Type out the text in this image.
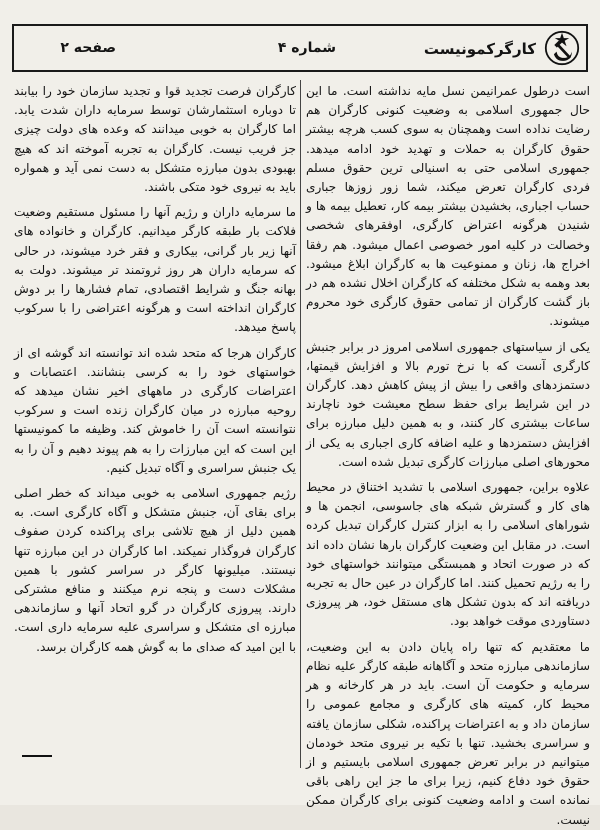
کارگرکمونیست
شماره ۴
صفحه ۲

است درطول عمرانیمن نسل مایه نداشته است. ما این حال جمهوری اسلامی به وضعیت کنونی کارگران هم رضایت نداده است وهمچنان به سوی کسب هرچه بیشتر حقوق کارگران به حملات و تهدید خود ادامه میدهد. جمهوری اسلامی حتی به اسنیالی ترین حقوق مسلم فردی کارگران تعرض میکند، شما زور زوزها جباری حساب اجباری، بخشیدن بیشتر بیمه کار، تعطیل بیمه ها و شنیدن هرگونه اعتراض کارگری، اوفقرهای شخصی وخصالت در کلیه امور خصوصی اعمال میشود. هم رفقا اخراج ها، زنان و ممنوعیت ها به کارگران ابلاغ میشود. بعد وهمه به شکل مختلفه که کارگران اخلال نشده هم در باز گشت کارگران از تمامی حقوق کارگری خود محروم میشوند.

یکی از سیاستهای جمهوری اسلامی امروز در برابر جنبش کارگری آنست که با نرخ تورم بالا و افزایش قیمتها، دستمزدهای واقعی را بیش از پیش کاهش دهد. کارگران در این شرایط برای حفظ سطح معیشت خود ناچارند ساعات بیشتری کار کنند، و به همین دلیل مبارزه برای افزایش دستمزدها و علیه اضافه کاری اجباری به یکی از محورهای اصلی مبارزات کارگری تبدیل شده است.

علاوه براین، جمهوری اسلامی با تشدید اختناق در محیط های کار و گسترش شبکه های جاسوسی، انجمن ها و شوراهای اسلامی را به ابزار کنترل کارگران تبدیل کرده است. در مقابل این وضعیت کارگران بارها نشان داده اند که در صورت اتحاد و همبستگی میتوانند خواستهای خود را به رژیم تحمیل کنند. اما کارگران در عین حال به تجربه دریافته اند که بدون تشکل های مستقل خود، هر پیروزی دستاوردی موقت خواهد بود.

ما معتقدیم که تنها راه پایان دادن به این وضعیت، سازماندهی مبارزه متحد و آگاهانه طبقه کارگر علیه نظام سرمایه و حکومت آن است. باید در هر کارخانه و هر محیط کار، کمیته های کارگری و مجامع عمومی را سازمان داد و به اعتراضات پراکنده، شکلی سازمان یافته و سراسری بخشید. تنها با تکیه بر نیروی متحد خودمان میتوانیم در برابر تعرض جمهوری اسلامی بایستیم و از حقوق خود دفاع کنیم، زیرا برای ما جز این راهی باقی نمانده است و ادامه وضعیت کنونی برای کارگران ممکن نیست.

کارگران فرصت تجدید قوا و تجدید سازمان خود را بیابند تا دوباره استثمارشان توسط سرمایه داران شدت یابد. اما کارگران به خوبی میدانند که وعده های دولت چیزی جز فریب نیست. کارگران به تجربه آموخته اند که هیچ بهبودی بدون مبارزه متشکل به دست نمی آید و همواره باید به نیروی خود متکی باشند.

ما سرمایه داران و رژیم آنها را مسئول مستقیم وضعیت فلاکت بار طبقه کارگر میدانیم. کارگران و خانواده های آنها زیر بار گرانی، بیکاری و فقر خرد میشوند، در حالی که سرمایه داران هر روز ثروتمند تر میشوند. دولت به بهانه جنگ و شرایط اقتصادی، تمام فشارها را بر دوش کارگران انداخته است و هرگونه اعتراضی را با سرکوب پاسخ میدهد.

کارگران هرجا که متحد شده اند توانسته اند گوشه ای از خواستهای خود را به کرسی بنشانند. اعتصابات و اعتراضات کارگری در ماههای اخیر نشان میدهد که روحیه مبارزه در میان کارگران زنده است و سرکوب نتوانسته است آن را خاموش کند. وظیفه ما کمونیستها این است که این مبارزات را به هم پیوند دهیم و آن را به یک جنبش سراسری و آگاه تبدیل کنیم.

رژیم جمهوری اسلامی به خوبی میداند که خطر اصلی برای بقای آن، جنبش متشکل و آگاه کارگری است. به همین دلیل از هیچ تلاشی برای پراکنده کردن صفوف کارگران فروگذار نمیکند. اما کارگران در این مبارزه تنها نیستند. میلیونها کارگر در سراسر کشور با همین مشکلات دست و پنجه نرم میکنند و منافع مشترکی دارند. پیروزی کارگران در گرو اتحاد آنها و سازماندهی مبارزه ای متشکل و سراسری علیه سرمایه داری است. با این امید که صدای ما به گوش همه کارگران برسد.
